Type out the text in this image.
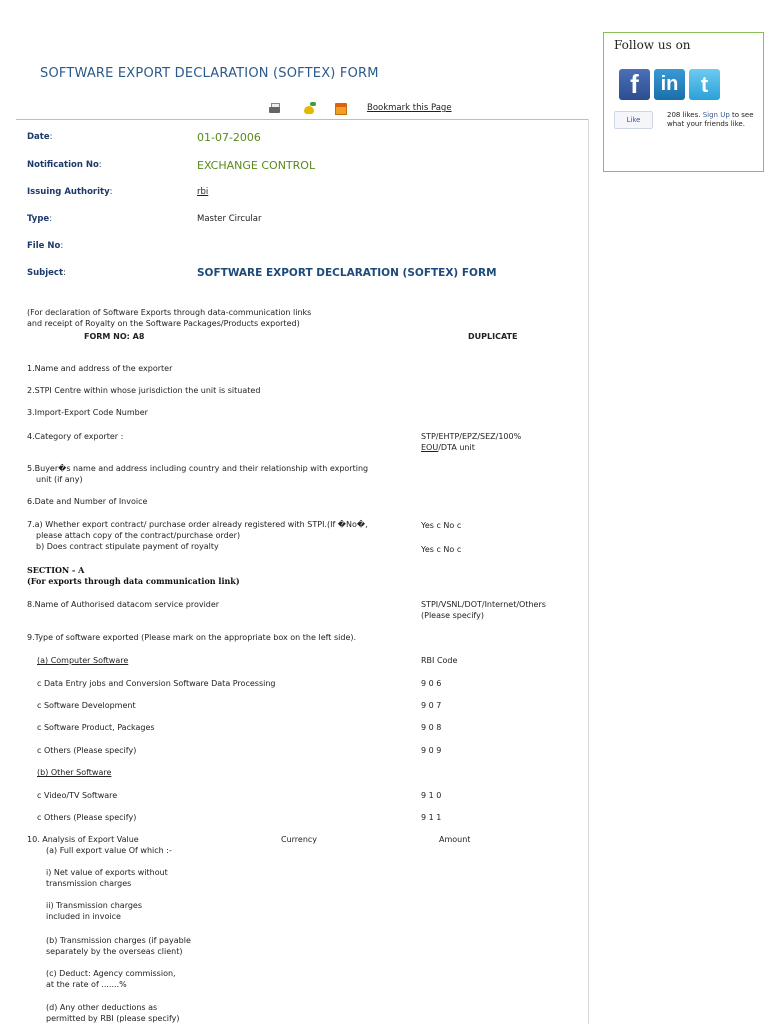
SOFTWARE EXPORT DECLARATION (SOFTEX) FORM
Bookmark this Page
Date:	01-07-2006
Notification No:	EXCHANGE CONTROL
Issuing Authority:	rbi
Type:	Master Circular
File No:
Subject:	SOFTWARE EXPORT DECLARATION (SOFTEX) FORM
(For declaration of Software Exports through data-communication links
and receipt of Royalty on the Software Packages/Products exported)
FORM NO: A8	DUPLICATE
1.Name and address of the exporter
2.STPI Centre within whose jurisdiction the unit is situated
3.Import-Export Code Number
4.Category of exporter :	STP/EHTP/EPZ/SEZ/100%
EOU/DTA unit
5.Buyer�s name and address including country and their relationship with exporting
unit (if any)
6.Date and Number of Invoice
7.a) Whether export contract/ purchase order already registered with STPI.(If �No�,
please attach copy of the contract/purchase order)
b) Does contract stipulate payment of royalty
Yes c No c
Yes c No c
SECTION - A
(For exports through data communication link)
8.Name of Authorised datacom service provider	STPI/VSNL/DOT/Internet/Others
(Please specify)
9.Type of software exported (Please mark on the appropriate box on the left side).
(a) Computer Software	RBI Code
c Data Entry jobs and Conversion Software Data Processing	9 0 6
c Software Development	9 0 7
c Software Product, Packages	9 0 8
c Others (Please specify)	9 0 9
(b) Other Software
c Video/TV Software	9 1 0
c Others (Please specify)	9 1 1
10. Analysis of Export Value
(a) Full export value Of which :-
Currency	Amount
i) Net value of exports without
transmission charges
ii) Transmission charges
included in invoice
(b) Transmission charges (if payable
separately by the overseas client)
(c) Deduct: Agency commission,
at the rate of .......%
(d) Any other deductions as
permitted by RBI (please specify)
Follow us on
f	in	t
Like
208 likes. Sign Up to see what your friends like.
